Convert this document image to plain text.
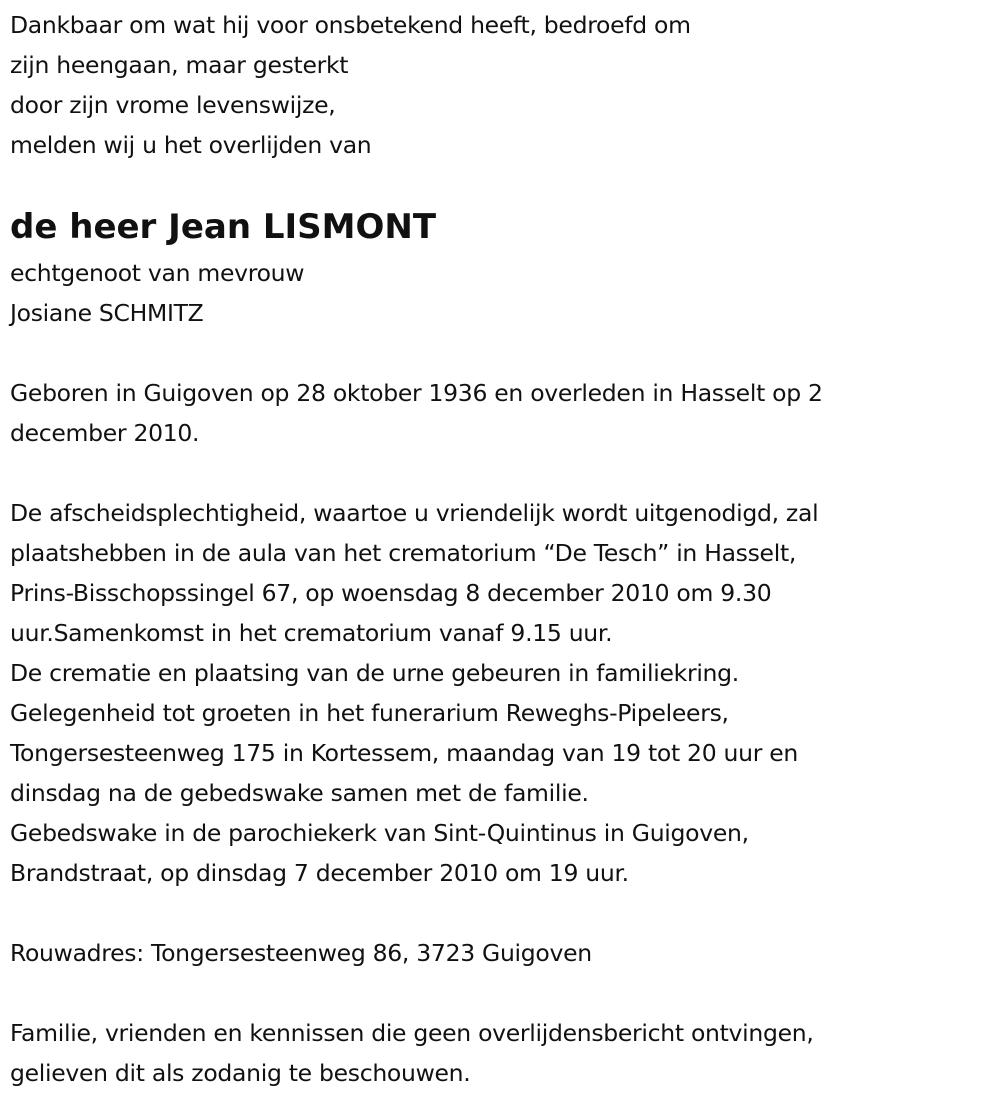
Dankbaar om wat hij voor onsbetekend heeft, bedroefd om
zijn heengaan, maar gesterkt
door zijn vrome levenswijze,
melden wij u het overlijden van
de heer Jean LISMONT
echtgenoot van mevrouw
Josiane SCHMITZ
Geboren in Guigoven op 28 oktober 1936 en overleden in Hasselt op 2
december 2010.
De afscheidsplechtigheid, waartoe u vriendelijk wordt uitgenodigd, zal
plaatshebben in de aula van het crematorium “De Tesch” in Hasselt,
Prins-Bisschopssingel 67, op woensdag 8 december 2010 om 9.30
uur.Samenkomst in het crematorium vanaf 9.15 uur.
De crematie en plaatsing van de urne gebeuren in familiekring.
Gelegenheid tot groeten in het funerarium Reweghs-Pipeleers,
Tongersesteenweg 175 in Kortessem, maandag van 19 tot 20 uur en
dinsdag na de gebedswake samen met de familie.
Gebedswake in de parochiekerk van Sint-Quintinus in Guigoven,
Brandstraat, op dinsdag 7 december 2010 om 19 uur.
Rouwadres: Tongersesteenweg 86, 3723 Guigoven
Familie, vrienden en kennissen die geen overlijdensbericht ontvingen,
gelieven dit als zodanig te beschouwen.
